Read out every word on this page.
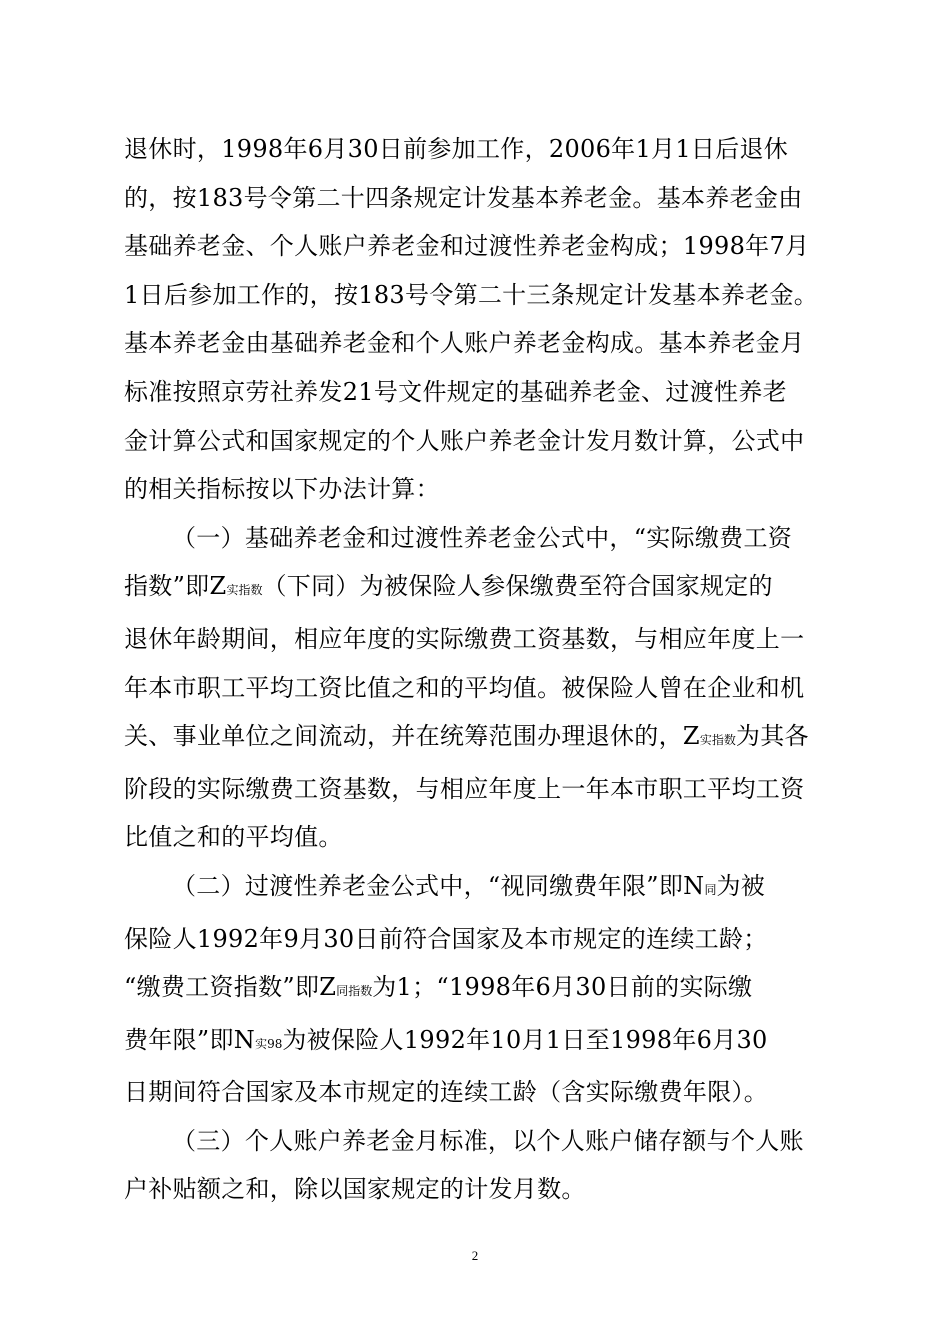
退休时，1998年6月30日前参加工作，2006年1月1日后退休
的，按183号令第二十四条规定计发基本养老金。基本养老金由
基础养老金、个人账户养老金和过渡性养老金构成；1998年7月
1日后参加工作的，按183号令第二十三条规定计发基本养老金。
基本养老金由基础养老金和个人账户养老金构成。基本养老金月
标准按照京劳社养发21号文件规定的基础养老金、过渡性养老
金计算公式和国家规定的个人账户养老金计发月数计算，公式中
的相关指标按以下办法计算：

（一）基础养老金和过渡性养老金公式中，“实际缴费工资
指数”即Z实指数（下同）为被保险人参保缴费至符合国家规定的
退休年龄期间，相应年度的实际缴费工资基数，与相应年度上一
年本市职工平均工资比值之和的平均值。被保险人曾在企业和机
关、事业单位之间流动，并在统筹范围办理退休的，Z实指数为其各
阶段的实际缴费工资基数，与相应年度上一年本市职工平均工资
比值之和的平均值。

（二）过渡性养老金公式中，“视同缴费年限”即N同为被
保险人1992年9月30日前符合国家及本市规定的连续工龄；
“缴费工资指数”即Z同指数为1；“1998年6月30日前的实际缴
费年限”即N实98为被保险人1992年10月1日至1998年6月30
日期间符合国家及本市规定的连续工龄（含实际缴费年限）。

（三）个人账户养老金月标准，以个人账户储存额与个人账
户补贴额之和，除以国家规定的计发月数。

2
